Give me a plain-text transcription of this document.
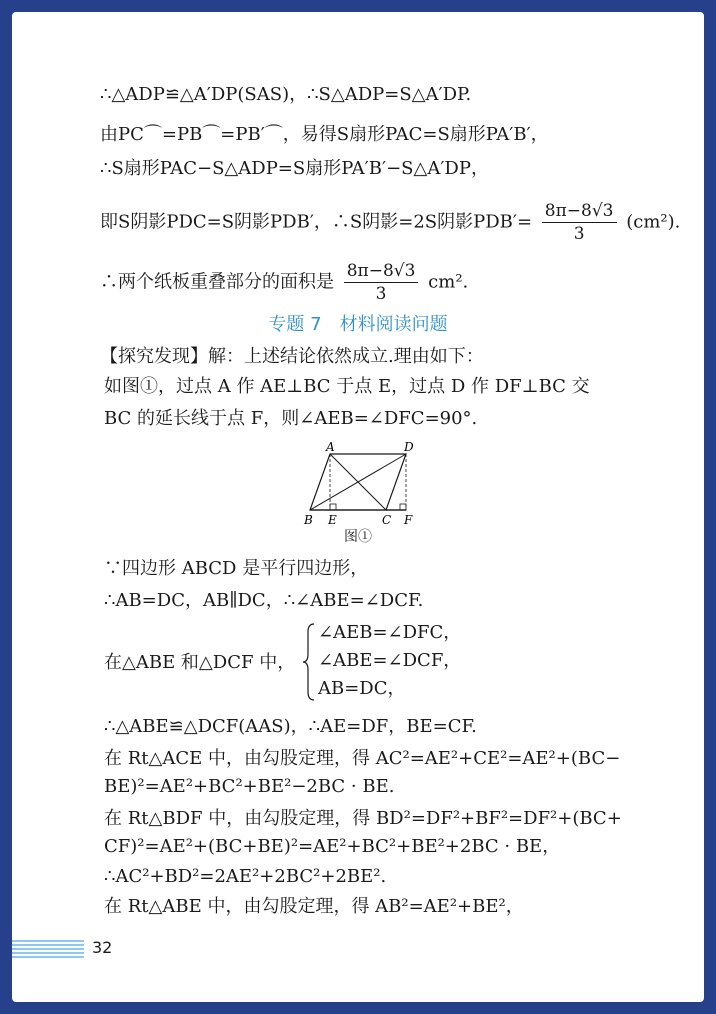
∴△ADP≌△A′DP(SAS)，∴S△ADP=S△A′DP.
由PC⌒=PB⌒=PB′⌒，易得S扇形PAC=S扇形PA′B′，
∴S扇形PAC−S△ADP=S扇形PA′B′−S△A′DP，
即S阴影PDC=S阴影PDB′，∴S阴影=2S阴影$PDB'= \frac{8\pi-8√3}{3} (cm^2)$.
∴两个纸板重叠部分的面积是 $\frac{8\pi-8√3}{3} cm^2$.
专题 7　材料阅读问题
【探究发现】解：上述结论依然成立.理由如下：
如图①，过点 A 作 AE⊥BC 于点 E，过点 D 作 DF⊥BC 交
BC 的延长线于点 F，则∠AEB=∠DFC=90°.
A	D
B E	C F
图①
∵四边形 ABCD 是平行四边形，
∴AB=DC，AB∥DC，∴∠ABE=∠DCF.
在△ABE 和△DCF 中，
∠AEB=∠DFC，
∠ABE=∠DCF，
AB=DC，
∴△ABE≌△DCF(AAS)，∴AE=DF，BE=CF.
在 Rt△ACE 中，由勾股定理，得 AC²=AE²+CE²=AE²+(BC−
BE)²=AE²+BC²+BE²−2BC · BE.
在 Rt△BDF 中，由勾股定理，得 BD²=DF²+BF²=DF²+(BC+
CF)²=AE²+(BC+BE)²=AE²+BC²+BE²+2BC · BE，
∴AC²+BD²=2AE²+2BC²+2BE².
在 Rt△ABE 中，由勾股定理，得 AB²=AE²+BE²，
32
